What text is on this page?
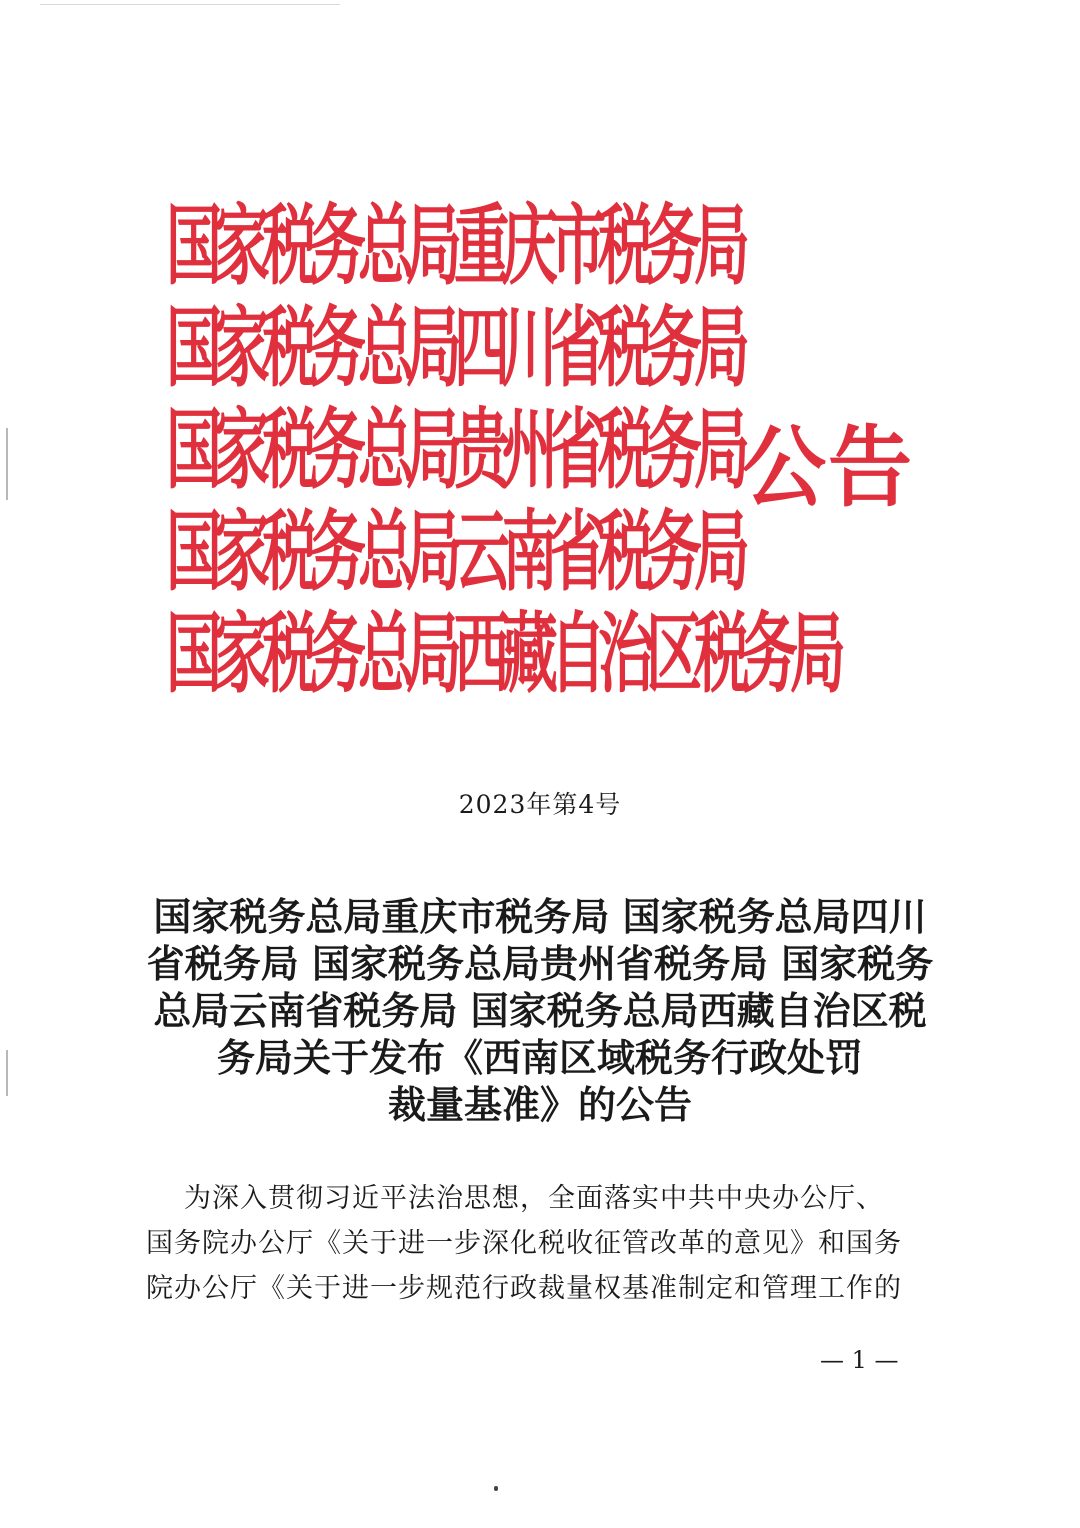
国家税务总局重庆市税务局
国家税务总局四川省税务局
国家税务总局贵州省税务局
国家税务总局云南省税务局
国家税务总局西藏自治区税务局
公告
2023年第4号
国家税务总局重庆市税务局 国家税务总局四川
省税务局 国家税务总局贵州省税务局 国家税务
总局云南省税务局 国家税务总局西藏自治区税
务局关于发布《西南区域税务行政处罚
裁量基准》的公告
为深入贯彻习近平法治思想，全面落实中共中央办公厅、
国务院办公厅《关于进一步深化税收征管改革的意见》和国务
院办公厅《关于进一步规范行政裁量权基准制定和管理工作的
— 1 —
